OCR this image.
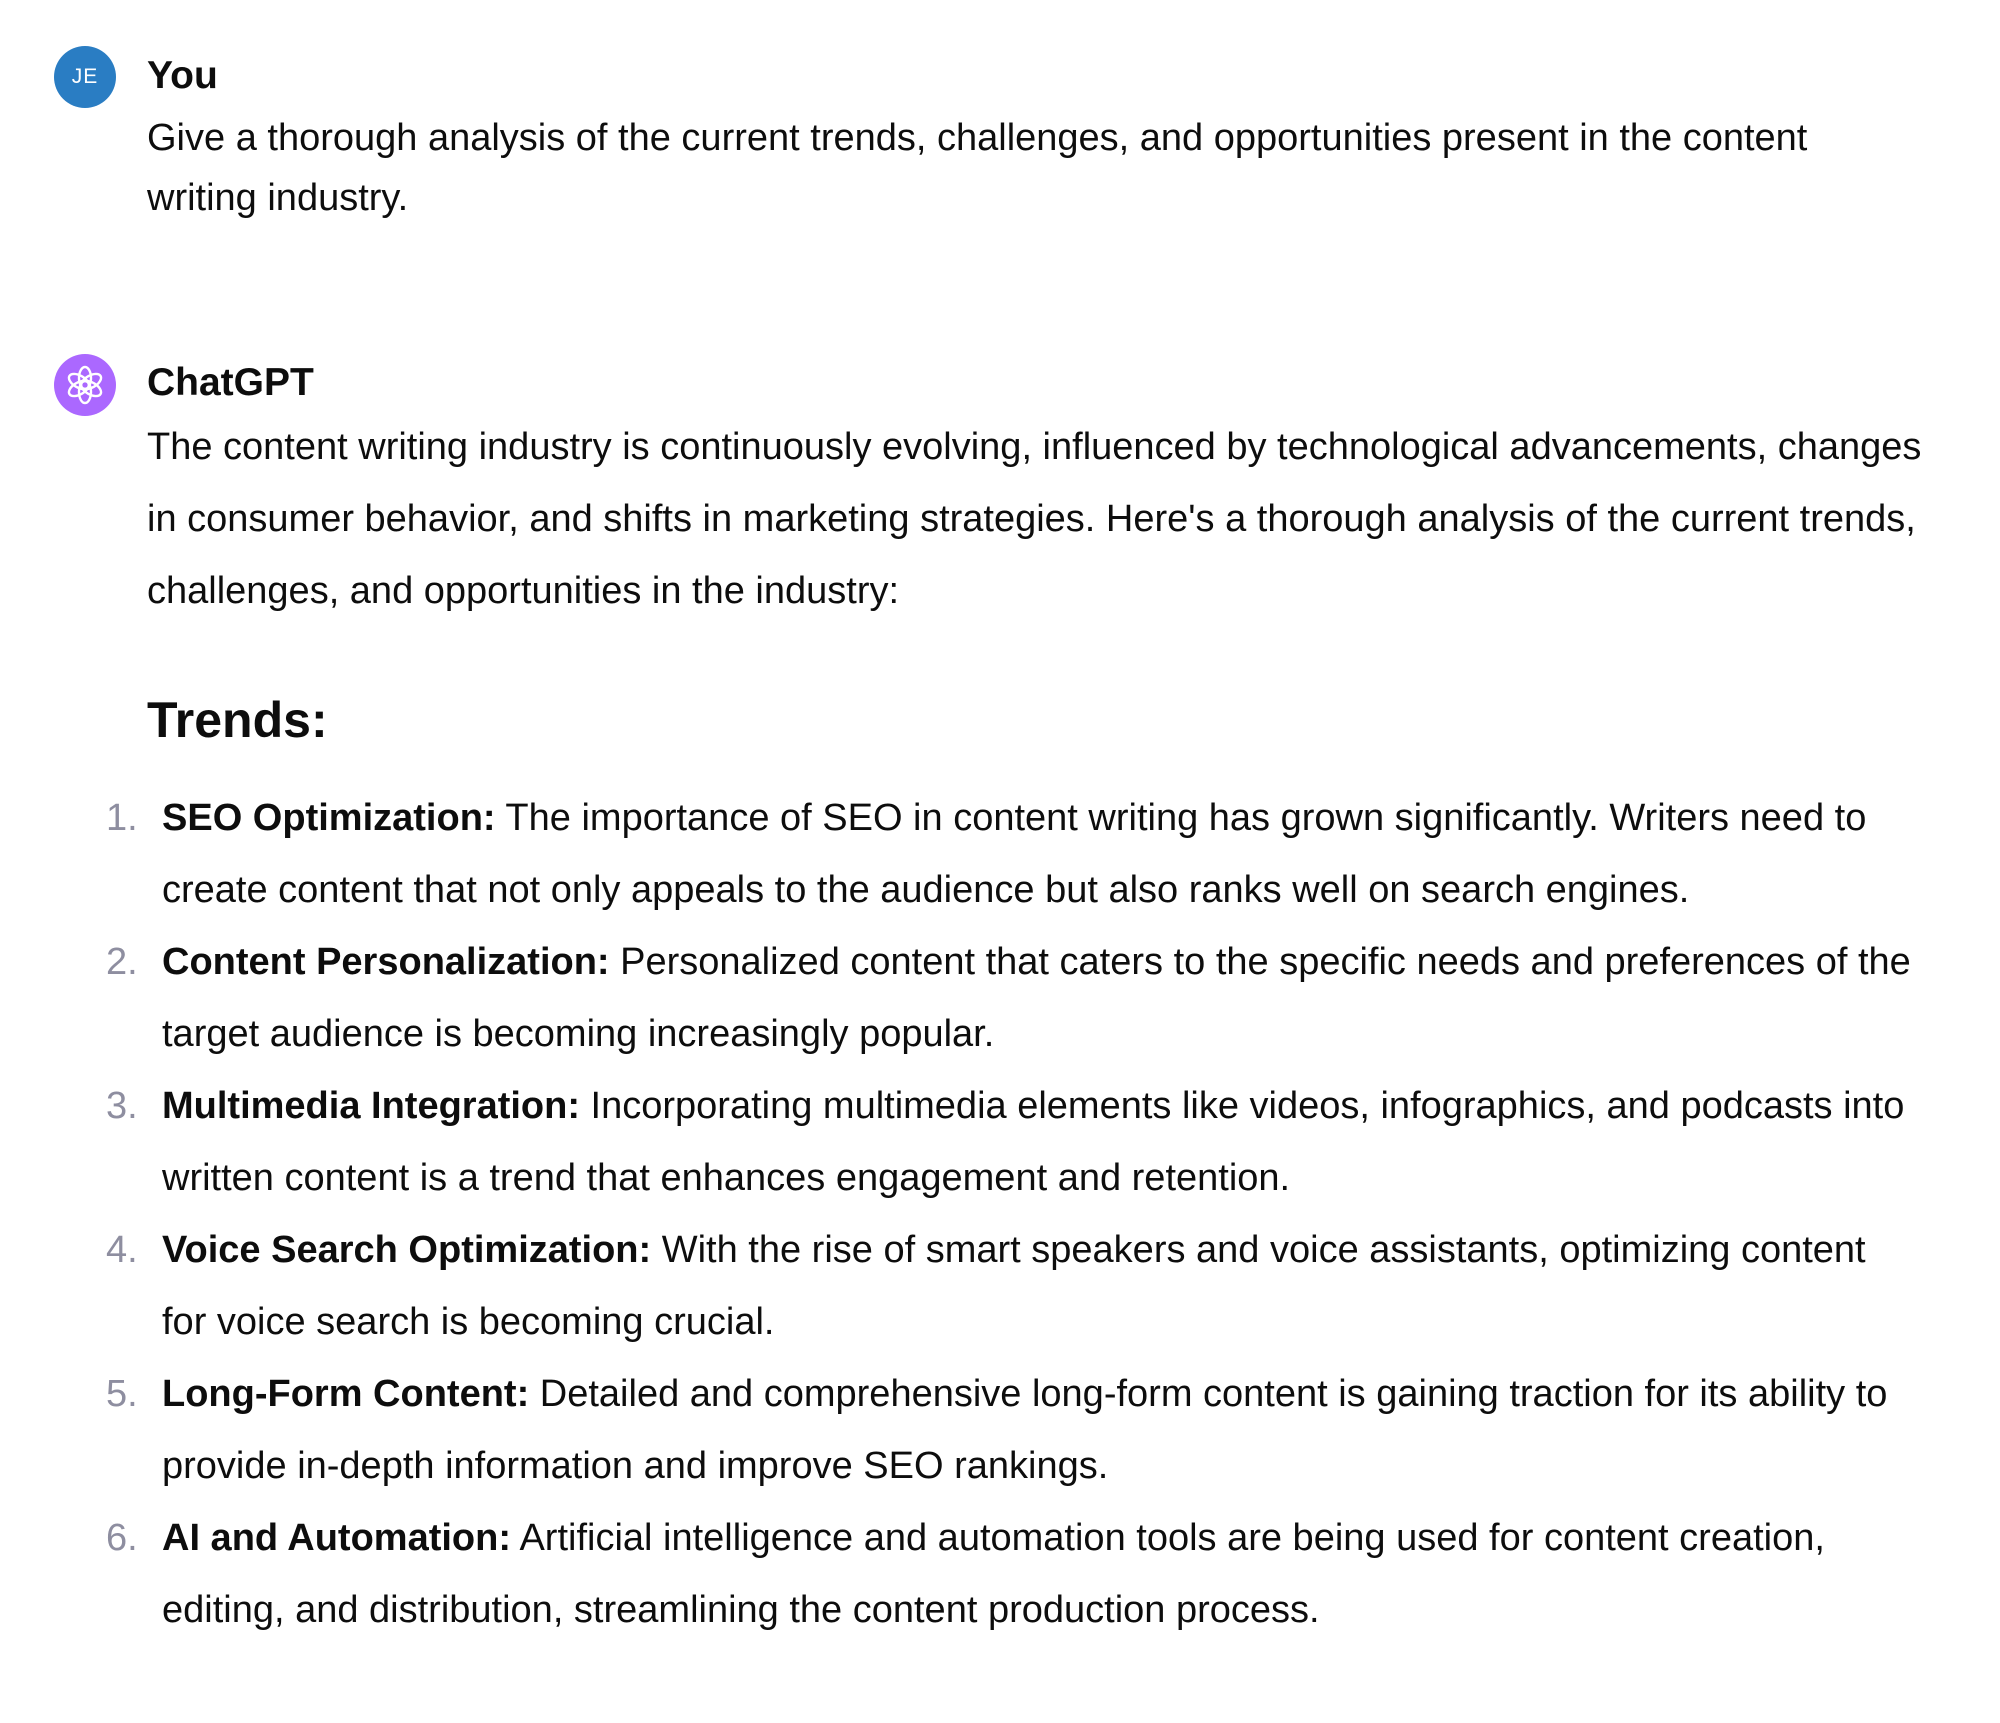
JE You

Give a thorough analysis of the current trends, challenges, and opportunities present in the content writing industry.

ChatGPT

The content writing industry is continuously evolving, influenced by technological advancements, changes in consumer behavior, and shifts in marketing strategies. Here's a thorough analysis of the current trends, challenges, and opportunities in the industry:

Trends:
1. SEO Optimization: The importance of SEO in content writing has grown significantly. Writers need to create content that not only appeals to the audience but also ranks well on search engines.
2. Content Personalization: Personalized content that caters to the specific needs and preferences of the target audience is becoming increasingly popular.
3. Multimedia Integration: Incorporating multimedia elements like videos, infographics, and podcasts into written content is a trend that enhances engagement and retention.
4. Voice Search Optimization: With the rise of smart speakers and voice assistants, optimizing content for voice search is becoming crucial.
5. Long-Form Content: Detailed and comprehensive long-form content is gaining traction for its ability to provide in-depth information and improve SEO rankings.
6. AI and Automation: Artificial intelligence and automation tools are being used for content creation, editing, and distribution, streamlining the content production process.
